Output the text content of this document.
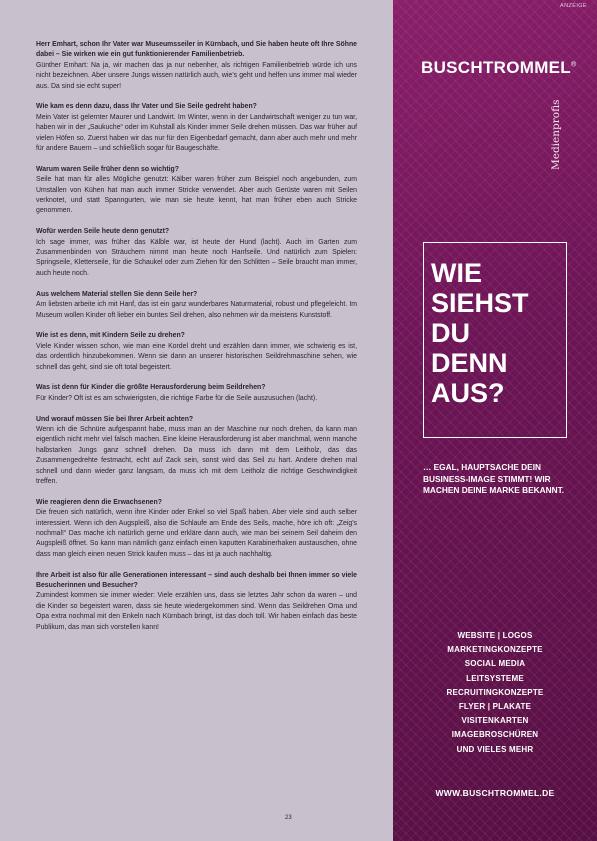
Herr Emhart, schon Ihr Vater war Museumsseiler in Kürnbach, und Sie haben heute oft Ihre Söhne dabei – Sie wirken wie ein gut funktionierender Familienbetrieb.
Günther Emhart: Na ja, wir machen das ja nur nebenher, als richtigen Familienbetrieb würde ich uns nicht bezeichnen. Aber unsere Jungs wissen natürlich auch, wie’s geht und helfen uns immer mal wieder aus. Da sind sie echt super!

Wie kam es denn dazu, dass Ihr Vater und Sie Seile gedreht haben?
Mein Vater ist gelernter Maurer und Landwirt. Im Winter, wenn in der Landwirtschaft weniger zu tun war, haben wir in der „Saukuche“ oder im Kuhstall als Kinder immer Seile drehen müssen. Das war früher auf vielen Höfen so. Zuerst haben wir das nur für den Eigenbedarf gemacht, dann aber auch mehr und mehr für andere Bauern – und schließlich sogar für Baugeschäfte.

Warum waren Seile früher denn so wichtig?
Seile hat man für alles Mögliche genutzt: Kälber waren früher zum Beispiel noch angebunden, zum Umstallen von Kühen hat man auch immer Stricke verwendet. Aber auch Gerüste waren mit Seilen verknotet, und statt Spanngurten, wie man sie heute kennt, hat man früher eben auch Stricke genommen.

Wofür werden Seile heute denn genutzt?
Ich sage immer, was früher das Kälble war, ist heute der Hund (lacht). Auch im Garten zum Zusammenbinden von Sträuchern nimmt man heute noch Hanfseile. Und natürlich zum Spielen: Springseile, Kletterseile, für die Schaukel oder zum Ziehen für den Schlitten – Seile braucht man immer, auch heute noch.

Aus welchem Material stellen Sie denn Seile her?
Am liebsten arbeite ich mit Hanf, das ist ein ganz wunderbares Naturmaterial, robust und pflegeleicht. Im Museum wollen Kinder oft lieber ein buntes Seil drehen, also nehmen wir da meistens Kunststoff.

Wie ist es denn, mit Kindern Seile zu drehen?
Viele Kinder wissen schon, wie man eine Kordel dreht und erzählen dann immer, wie schwierig es ist, das ordentlich hinzubekommen. Wenn sie dann an unserer historischen Seildrehmaschine sehen, wie schnell das geht, sind sie oft total begeistert.

Was ist denn für Kinder die größte Herausforderung beim Seildrehen?
Für Kinder? Oft ist es am schwierigsten, die richtige Farbe für die Seile auszusuchen (lacht).

Und worauf müssen Sie bei Ihrer Arbeit achten?
Wenn ich die Schnüre aufgespannt habe, muss man an der Maschine nur noch drehen, da kann man eigentlich nicht mehr viel falsch machen. Eine kleine Herausforderung ist aber manchmal, wenn manche halbstarken Jungs ganz schnell drehen. Da muss ich dann mit dem Leitholz, das das Zusammengedrehte festmacht, echt auf Zack sein, sonst wird das Seil zu hart. Andere drehen mal schnell und dann wieder ganz langsam, da muss ich mit dem Leitholz die richtige Geschwindigkeit treffen.

Wie reagieren denn die Erwachsenen?
Die freuen sich natürlich, wenn ihre Kinder oder Enkel so viel Spaß haben. Aber viele sind auch selber interessiert. Wenn ich den Augspleiß, also die Schlaufe am Ende des Seils, mache, höre ich oft: „Zeig’s nochmal!“ Das mache ich natürlich gerne und erkläre dann auch, wie man bei seinem Seil daheim den Augspleiß öffnet. So kann man nämlich ganz einfach einen kaputten Karabinerhaken austauschen, ohne dass man gleich einen neuen Strick kaufen muss – das ist ja auch nachhaltig.

Ihre Arbeit ist also für alle Generationen interessant – sind auch deshalb bei Ihnen immer so viele Besucherinnen und Besucher?
Zumindest kommen sie immer wieder: Viele erzählen uns, dass sie letztes Jahr schon da waren – und die Kinder so begeistert waren, dass sie heute wiedergekommen sind. Wenn das Seildrehen Oma und Opa extra nochmal mit den Enkeln nach Kürnbach bringt, ist das doch toll. Wir haben einfach das beste Publikum, das man sich vorstellen kann!

23
ANZEIGE
BUSCHTROMMEL®
Medienprofis
WIE
SIEHST
DU
DENN
AUS?
… EGAL, HAUPTSACHE DEIN BUSINESS-IMAGE STIMMT! WIR MACHEN DEINE MARKE BEKANNT.
WEBSITE | LOGOS
MARKETINGKONZEPTE
SOCIAL MEDIA
LEITSYSTEME
RECRUITINGKONZEPTE
FLYER | PLAKATE
VISITENKARTEN
IMAGEBROSCHÜREN
UND VIELES MEHR
WWW.BUSCHTROMMEL.DE
